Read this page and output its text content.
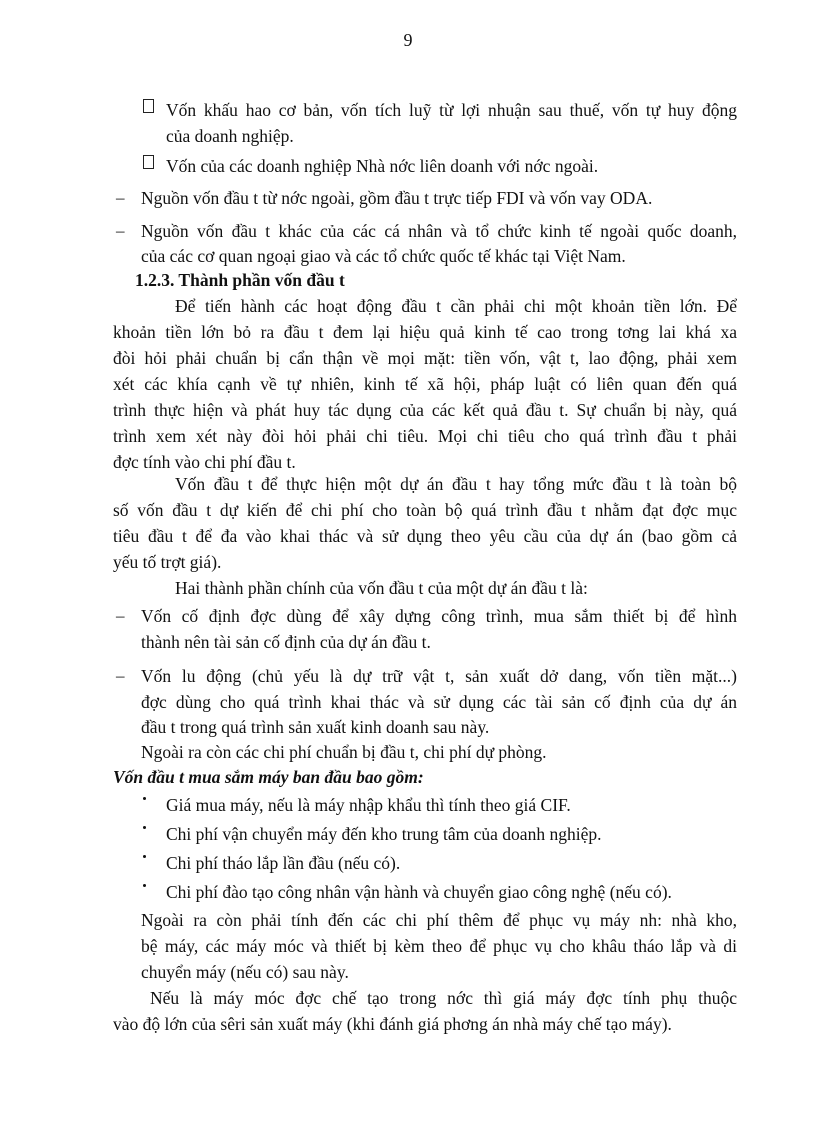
9
Vốn khấu hao cơ bản, vốn tích luỹ từ lợi nhuận sau thuế, vốn tự huy động
của doanh nghiệp.
Vốn của các doanh nghiệp Nhà nớc liên doanh với nớc ngoài.
– Nguồn vốn đầu t từ nớc ngoài, gồm đầu t trực tiếp FDI và vốn vay ODA.
– Nguồn vốn đầu t khác của các cá nhân và tổ chức kinh tế ngoài quốc doanh,
của các cơ quan ngoại giao và các tổ chức quốc tế khác tại Việt Nam.
1.2.3. Thành phần vốn đầu t
Để tiến hành các hoạt động đầu t cần phải chi một khoản tiền lớn. Để
khoản tiền lớn bỏ ra đầu t đem lại hiệu quả kinh tế cao trong tơng lai khá xa
đòi hỏi phải chuẩn bị cẩn thận về mọi mặt: tiền vốn, vật t, lao động, phải xem
xét các khía cạnh về tự nhiên, kinh tế xã hội, pháp luật có liên quan đến quá
trình thực hiện và phát huy tác dụng của các kết quả đầu t. Sự chuẩn bị này, quá
trình xem xét này đòi hỏi phải chi tiêu. Mọi chi tiêu cho quá trình đầu t phải
đợc tính vào chi phí đầu t.
Vốn đầu t để thực hiện một dự án đầu t hay tổng mức đầu t là toàn bộ
số vốn đầu t dự kiến để chi phí cho toàn bộ quá trình đầu t nhằm đạt đợc mục
tiêu đầu t để đa vào khai thác và sử dụng theo yêu cầu của dự án (bao gồm cả
yếu tố trợt giá).
Hai thành phần chính của vốn đầu t của một dự án đầu t là:
– Vốn cố định đợc dùng để xây dựng công trình, mua sắm thiết bị để hình
thành nên tài sản cố định của dự án đầu t.
– Vốn lu động (chủ yếu là dự trữ vật t, sản xuất dở dang, vốn tiền mặt...)
đợc dùng cho quá trình khai thác và sử dụng các tài sản cố định của dự án
đầu t trong quá trình sản xuất kinh doanh sau này.
Ngoài ra còn các chi phí chuẩn bị đầu t, chi phí dự phòng.
Vốn đầu t mua sắm máy ban đầu bao gồm:
Giá mua máy, nếu là máy nhập khẩu thì tính theo giá CIF.
Chi phí vận chuyển máy đến kho trung tâm của doanh nghiệp.
Chi phí tháo lắp lần đầu (nếu có).
Chi phí đào tạo công nhân vận hành và chuyển giao công nghệ (nếu có).
Ngoài ra còn phải tính đến các chi phí thêm để phục vụ máy nh: nhà kho,
bệ máy, các máy móc và thiết bị kèm theo để phục vụ cho khâu tháo lắp và di
chuyển máy (nếu có) sau này.
Nếu là máy móc đợc chế tạo trong nớc thì giá máy đợc tính phụ thuộc
vào độ lớn của sêri sản xuất máy (khi đánh giá phơng án nhà máy chế tạo máy).
